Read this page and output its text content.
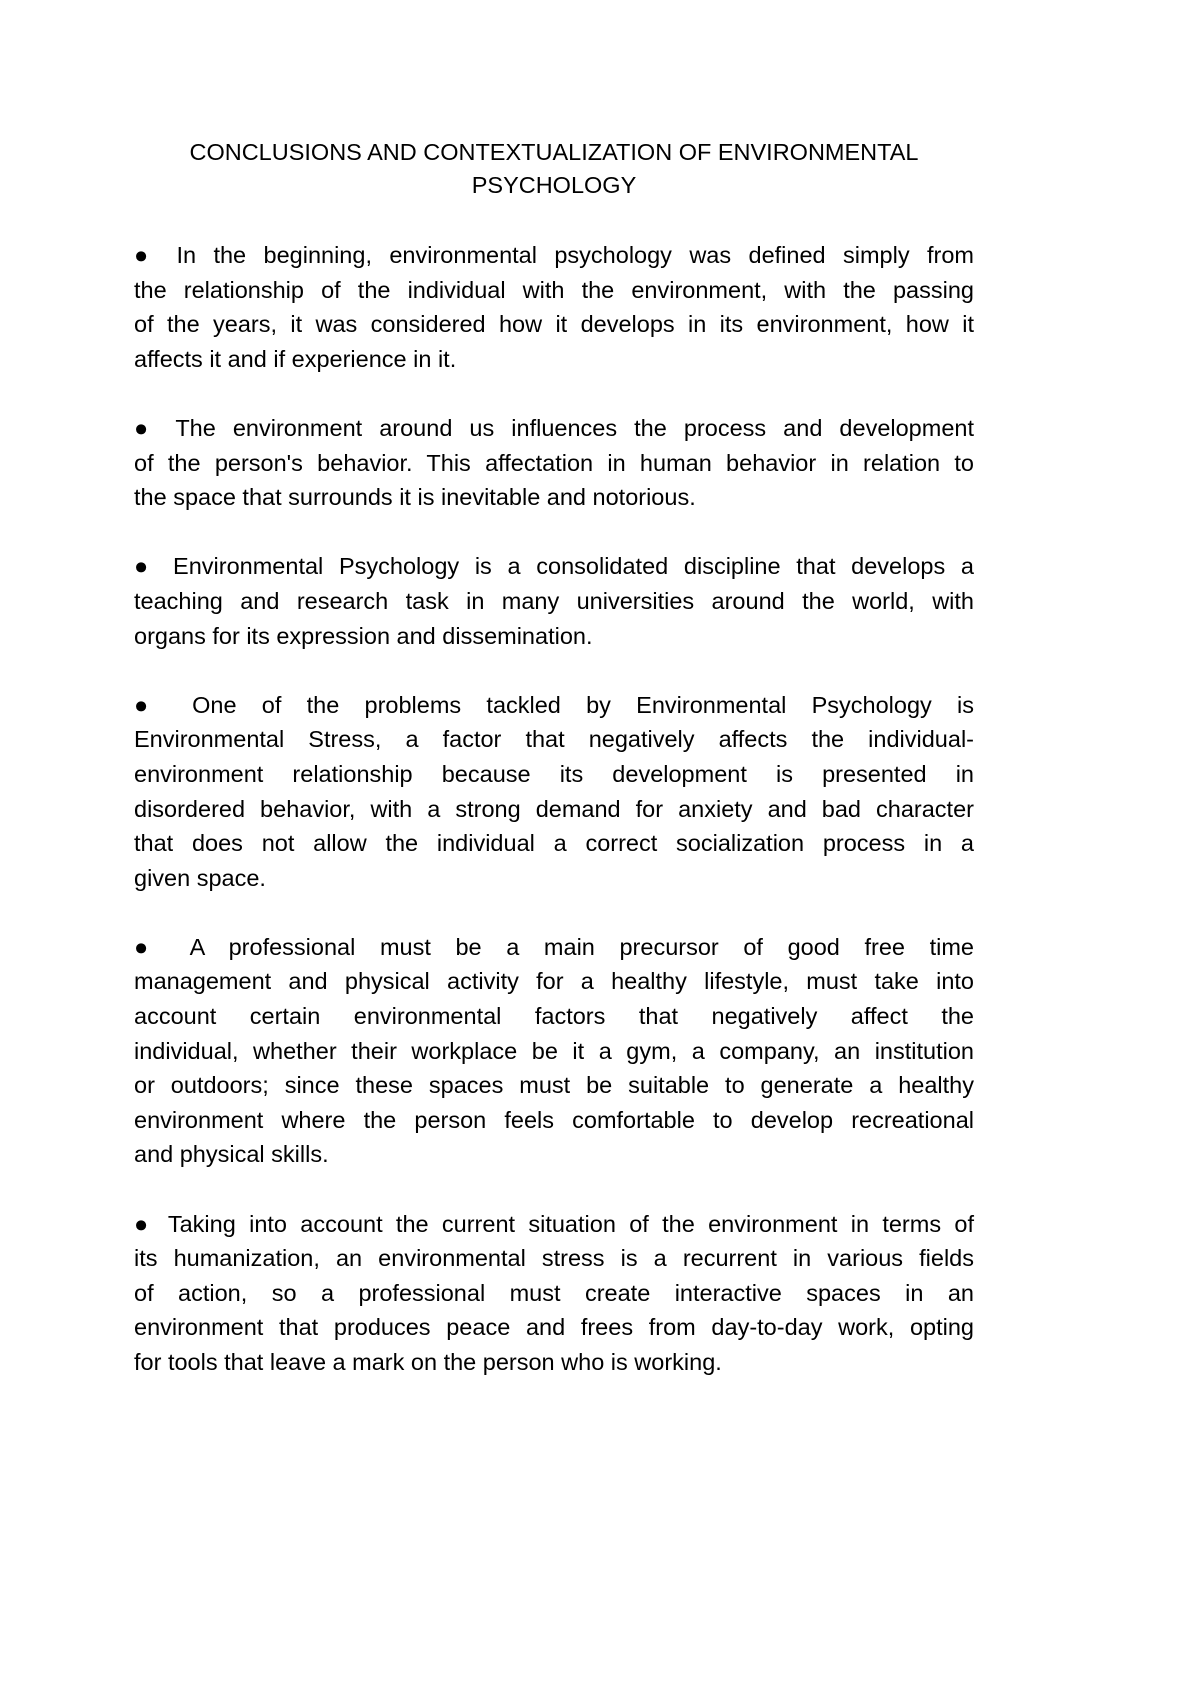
CONCLUSIONS AND CONTEXTUALIZATION OF ENVIRONMENTAL
PSYCHOLOGY

● In the beginning, environmental psychology was defined simply from
the relationship of the individual with the environment, with the passing
of the years, it was considered how it develops in its environment, how it
affects it and if experience in it.

● The environment around us influences the process and development
of the person's behavior. This affectation in human behavior in relation to
the space that surrounds it is inevitable and notorious.

● Environmental Psychology is a consolidated discipline that develops a
teaching and research task in many universities around the world, with
organs for its expression and dissemination.

● One of the problems tackled by Environmental Psychology is
Environmental Stress, a factor that negatively affects the individual-
environment relationship because its development is presented in
disordered behavior, with a strong demand for anxiety and bad character
that does not allow the individual a correct socialization process in a
given space.

● A professional must be a main precursor of good free time
management and physical activity for a healthy lifestyle, must take into
account certain environmental factors that negatively affect the
individual, whether their workplace be it a gym, a company, an institution
or outdoors; since these spaces must be suitable to generate a healthy
environment where the person feels comfortable to develop recreational
and physical skills.

● Taking into account the current situation of the environment in terms of
its humanization, an environmental stress is a recurrent in various fields
of action, so a professional must create interactive spaces in an
environment that produces peace and frees from day-to-day work, opting
for tools that leave a mark on the person who is working.
